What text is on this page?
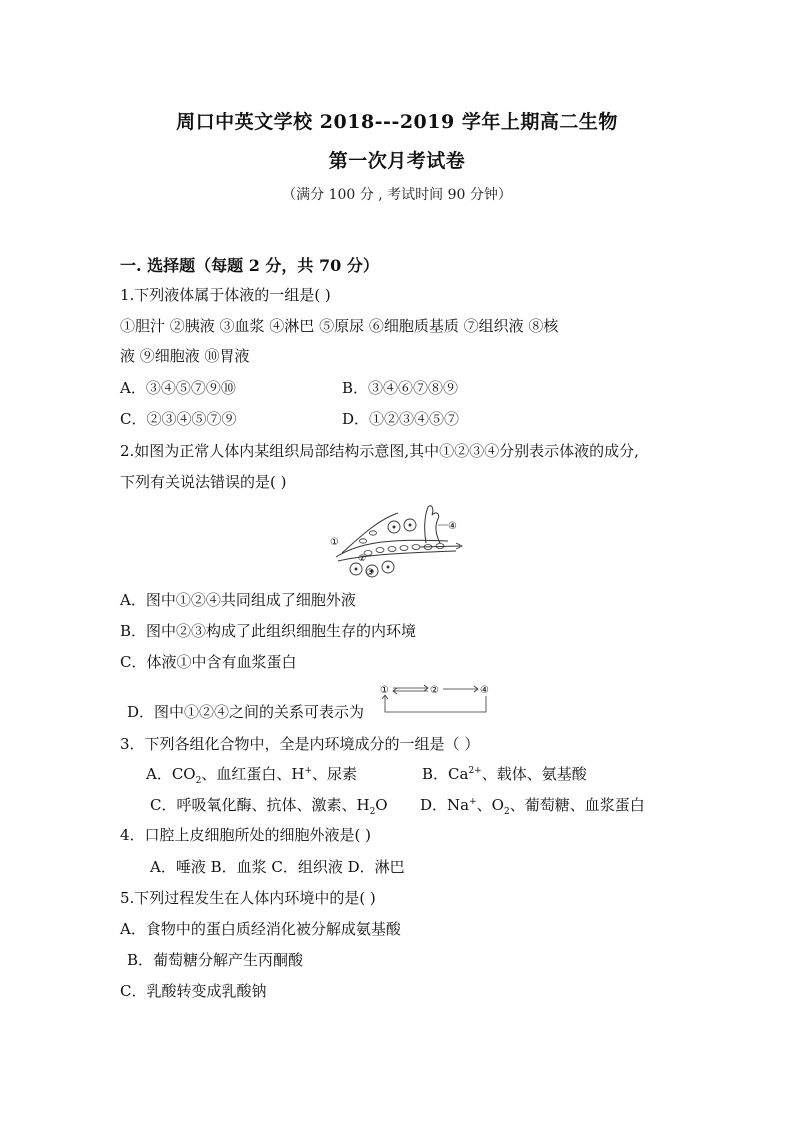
周口中英文学校 2018---2019 学年上期高二生物
第一次月考试卷
（满分 100 分 , 考试时间 90 分钟）
一. 选择题（每题 2 分，共 70 分）
1.下列液体属于体液的一组是( )
①胆汁 ②胰液 ③血浆 ④淋巴 ⑤原尿 ⑥细胞质基质 ⑦组织液 ⑧核
液 ⑨细胞液 ⑩胃液
A．③④⑤⑦⑨⑩	B．③④⑥⑦⑧⑨
C．②③④⑤⑦⑨	D．①②③④⑤⑦
2.如图为正常人体内某组织局部结构示意图,其中①②③④分别表示体液的成分,
下列有关说法错误的是( )
①
②
③
④
A．图中①②④共同组成了细胞外液
B．图中②③构成了此组织细胞生存的内环境
C．体液①中含有血浆蛋白
D．图中①②④之间的关系可表示为
①	②	④
3．下列各组化合物中，全是内环境成分的一组是（ ）
A．$CO_2$、血红蛋白、H+、尿素	B．$Ca^{2+}$、载体、氨基酸
C．呼吸氧化酶、抗体、激素、$H_2O$ D．Na+、$O_2$、葡萄糖、血浆蛋白
4．口腔上皮细胞所处的细胞外液是( )
A．唾液 B．血浆 C．组织液 D．淋巴
5.下列过程发生在人体内环境中的是( )
A．食物中的蛋白质经消化被分解成氨基酸
B．葡萄糖分解产生丙酮酸
C．乳酸转变成乳酸钠
